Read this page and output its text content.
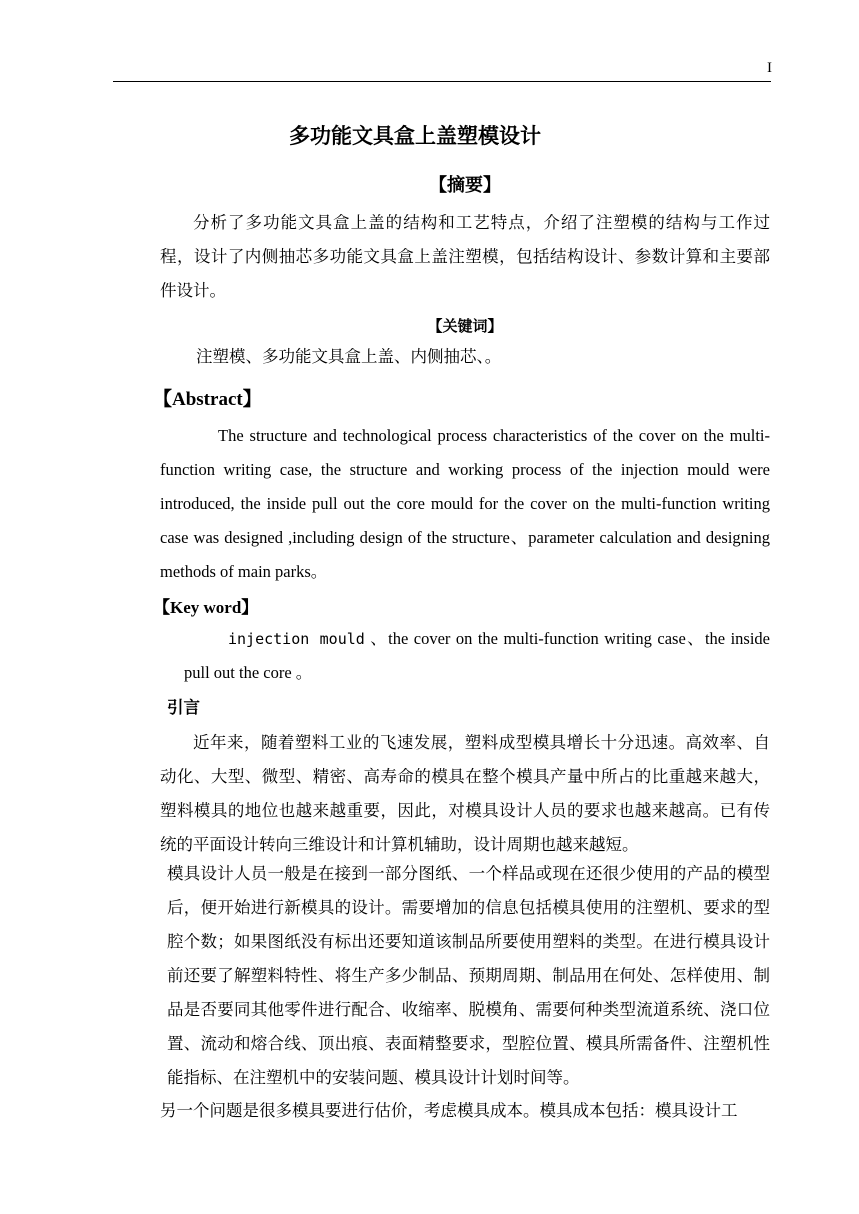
I
多功能文具盒上盖塑模设计
【摘要】

分析了多功能文具盒上盖的结构和工艺特点，介绍了注塑模的结构与工作过程，设计了内侧抽芯多功能文具盒上盖注塑模，包括结构设计、参数计算和主要部件设计。

【关键词】
注塑模、多功能文具盒上盖、内侧抽芯、。
【Abstract】

The structure and technological process characteristics of the cover on the multi-function writing case, the structure and working process of the injection mould were introduced, the inside pull out the core mould for the cover on the multi-function writing case was designed ,including design of the structure、parameter calculation and designing methods of main parks。

【Key word】

injection mould 、the cover on the multi-function writing case、the inside pull out the core 。

引言

近年来，随着塑料工业的飞速发展，塑料成型模具增长十分迅速。高效率、自动化、大型、微型、精密、高寿命的模具在整个模具产量中所占的比重越来越大，塑料模具的地位也越来越重要，因此，对模具设计人员的要求也越来越高。已有传统的平面设计转向三维设计和计算机辅助，设计周期也越来越短。

模具设计人员一般是在接到一部分图纸、一个样品或现在还很少使用的产品的模型后，便开始进行新模具的设计。需要增加的信息包括模具使用的注塑机、要求的型腔个数；如果图纸没有标出还要知道该制品所要使用塑料的类型。在进行模具设计前还要了解塑料特性、将生产多少制品、预期周期、制品用在何处、怎样使用、制品是否要同其他零件进行配合、收缩率、脱模角、需要何种类型流道系统、浇口位置、流动和熔合线、顶出痕、表面精整要求，型腔位置、模具所需备件、注塑机性能指标、在注塑机中的安装问题、模具设计计划时间等。

另一个问题是很多模具要进行估价，考虑模具成本。模具成本包括：模具设计工
